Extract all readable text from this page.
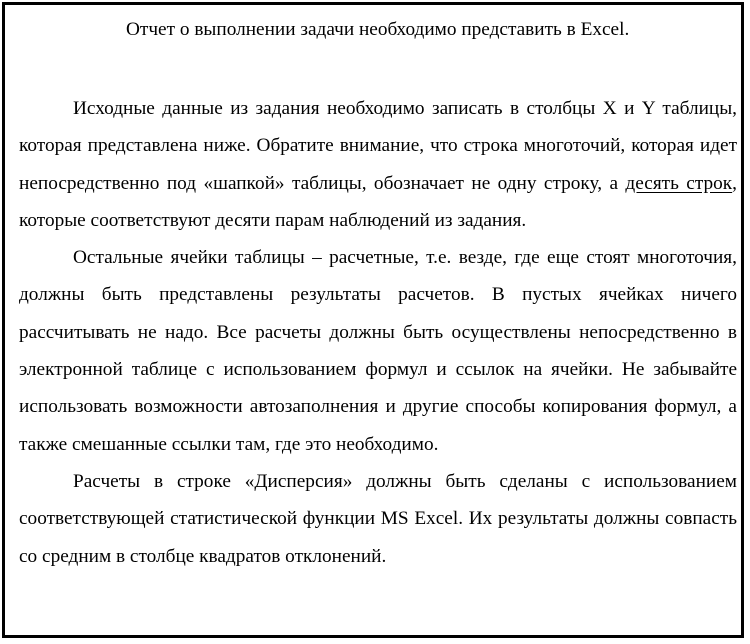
Отчет о выполнении задачи необходимо представить в Excel.

Исходные данные из задания необходимо записать в столбцы X и Y таблицы, которая представлена ниже. Обратите внимание, что строка многоточий, которая идет непосредственно под «шапкой» таблицы, обозначает не одну строку, а десять строк, которые соответствуют десяти парам наблюдений из задания.

Остальные ячейки таблицы – расчетные, т.е. везде, где еще стоят многоточия, должны быть представлены результаты расчетов. В пустых ячейках ничего рассчитывать не надо. Все расчеты должны быть осуществлены непосредственно в электронной таблице с использованием формул и ссылок на ячейки. Не забывайте использовать возможности автозаполнения и другие способы копирования формул, а также смешанные ссылки там, где это необходимо.

Расчеты в строке «Дисперсия» должны быть сделаны с использованием соответствующей статистической функции MS Excel. Их результаты должны совпасть со средним в столбце квадратов отклонений.
